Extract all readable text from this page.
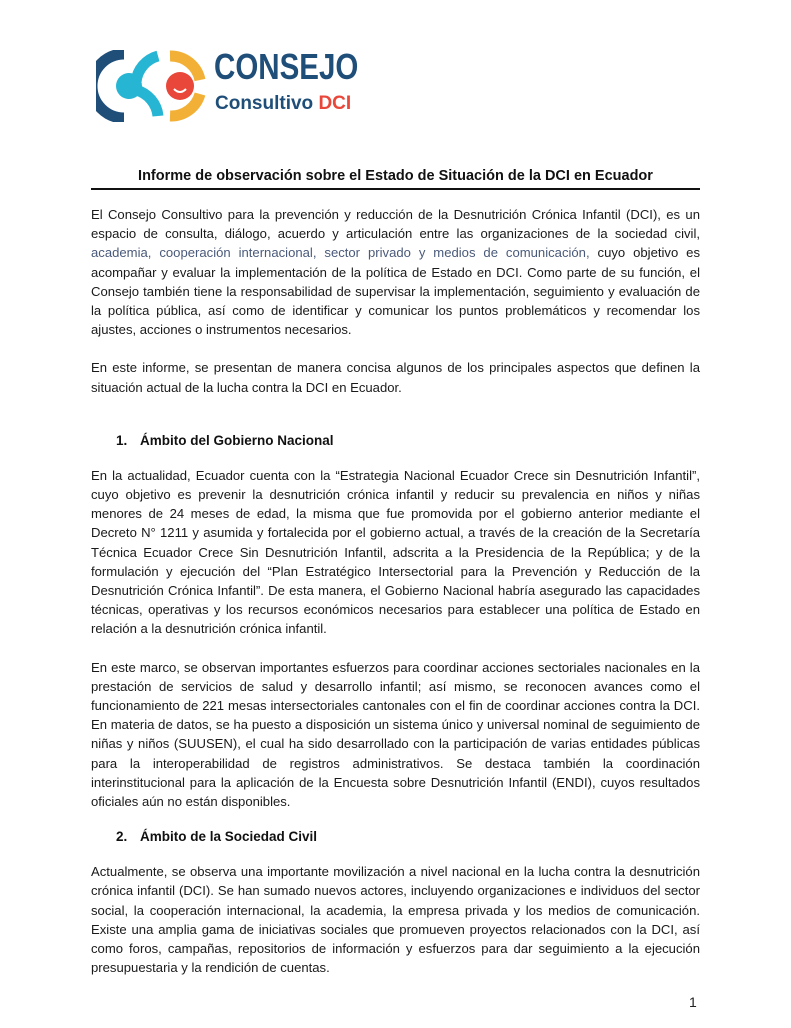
CONSEJO
Consultivo DCI
Informe de observación sobre el Estado de Situación de la DCI en Ecuador

El Consejo Consultivo para la prevención y reducción de la Desnutrición Crónica Infantil (DCI), es un espacio de consulta, diálogo, acuerdo y articulación entre las organizaciones de la sociedad civil, academia, cooperación internacional, sector privado y medios de comunicación, cuyo objetivo es acompañar y evaluar la implementación de la política de Estado en DCI. Como parte de su función, el Consejo también tiene la responsabilidad de supervisar la implementación, seguimiento y evaluación de la política pública, así como de identificar y comunicar los puntos problemáticos y recomendar los ajustes, acciones o instrumentos necesarios.

En este informe, se presentan de manera concisa algunos de los principales aspectos que definen la situación actual de la lucha contra la DCI en Ecuador.

1. Ámbito del Gobierno Nacional

En la actualidad, Ecuador cuenta con la “Estrategia Nacional Ecuador Crece sin Desnutrición Infantil”, cuyo objetivo es prevenir la desnutrición crónica infantil y reducir su prevalencia en niños y niñas menores de 24 meses de edad, la misma que fue promovida por el gobierno anterior mediante el Decreto N° 1211 y asumida y fortalecida por el gobierno actual, a través de la creación de la Secretaría Técnica Ecuador Crece Sin Desnutrición Infantil, adscrita a la Presidencia de la República; y de la formulación y ejecución del “Plan Estratégico Intersectorial para la Prevención y Reducción de la Desnutrición Crónica Infantil”. De esta manera, el Gobierno Nacional habría asegurado las capacidades técnicas, operativas y los recursos económicos necesarios para establecer una política de Estado en relación a la desnutrición crónica infantil.

En este marco, se observan importantes esfuerzos para coordinar acciones sectoriales nacionales en la prestación de servicios de salud y desarrollo infantil; así mismo, se reconocen avances como el funcionamiento de 221 mesas intersectoriales cantonales con el fin de coordinar acciones contra la DCI. En materia de datos, se ha puesto a disposición un sistema único y universal nominal de seguimiento de niñas y niños (SUUSEN), el cual ha sido desarrollado con la participación de varias entidades públicas para la interoperabilidad de registros administrativos. Se destaca también la coordinación interinstitucional para la aplicación de la Encuesta sobre Desnutrición Infantil (ENDI), cuyos resultados oficiales aún no están disponibles.

2. Ámbito de la Sociedad Civil

Actualmente, se observa una importante movilización a nivel nacional en la lucha contra la desnutrición crónica infantil (DCI). Se han sumado nuevos actores, incluyendo organizaciones e individuos del sector social, la cooperación internacional, la academia, la empresa privada y los medios de comunicación. Existe una amplia gama de iniciativas sociales que promueven proyectos relacionados con la DCI, así como foros, campañas, repositorios de información y esfuerzos para dar seguimiento a la ejecución presupuestaria y la rendición de cuentas.

1
